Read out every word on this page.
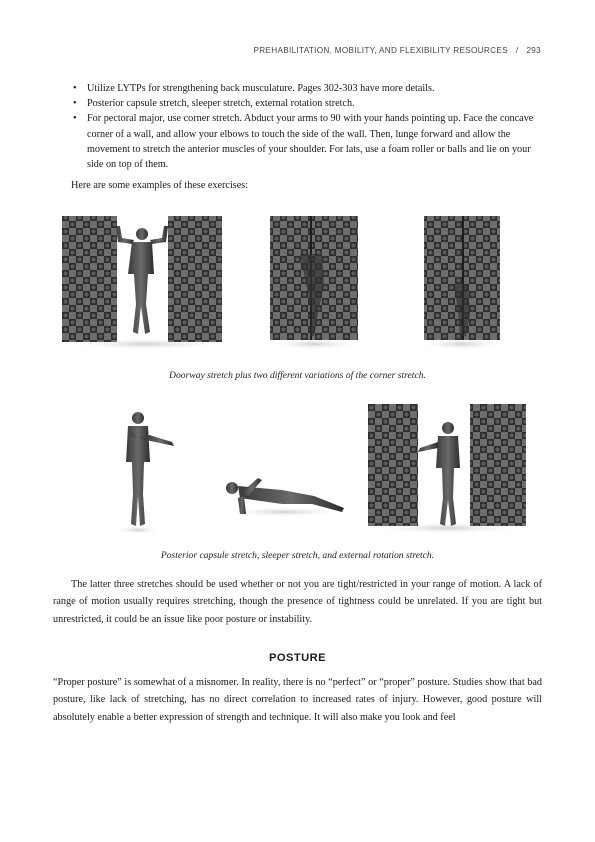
PREHABILITATION, MOBILITY, AND FLEXIBILITY RESOURCES / 293
• Utilize LYTPs for strengthening back musculature. Pages 302-303 have more details.
• Posterior capsule stretch, sleeper stretch, external rotation stretch.
• For pectoral major, use corner stretch. Abduct your arms to 90 with your hands pointing up. Face the concave corner of a wall, and allow your elbows to touch the side of the wall. Then, lunge forward and allow the movement to stretch the anterior muscles of your shoulder. For lats, use a foam roller or balls and lie on your side on top of them.
Here are some examples of these exercises:
Doorway stretch plus two different variations of the corner stretch.
Posterior capsule stretch, sleeper stretch, and external rotation stretch.

The latter three stretches should be used whether or not you are tight/restricted in your range of motion. A lack of range of motion usually requires stretching, though the presence of tightness could be unrelated. If you are tight but unrestricted, it could be an issue like poor posture or instability.

POSTURE

“Proper posture” is somewhat of a misnomer. In reality, there is no “perfect” or “proper” posture. Studies show that bad posture, like lack of stretching, has no direct correlation to increased rates of injury. However, good posture will absolutely enable a better expression of strength and technique. It will also make you look and feel
